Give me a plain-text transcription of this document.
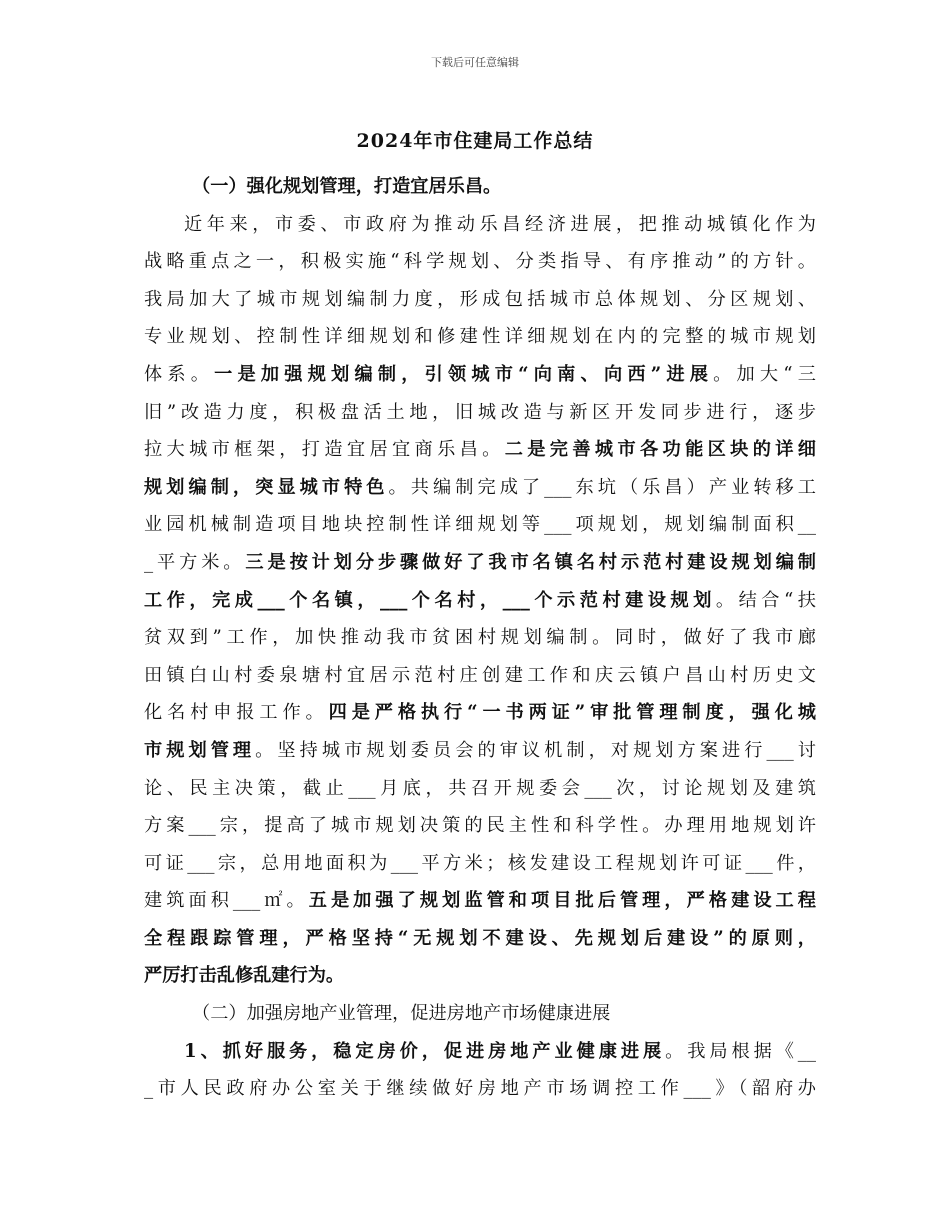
下载后可任意编辑
2024年市住建局工作总结
（一）强化规划管理，打造宜居乐昌。
近年来，市委、市政府为推动乐昌经济进展，把推动城镇化作为
战略重点之一，积极实施“科学规划、分类指导、有序推动”的方针。
我局加大了城市规划编制力度，形成包括城市总体规划、分区规划、
专业规划、控制性详细规划和修建性详细规划在内的完整的城市规划
体系。一是加强规划编制，引领城市“向南、向西”进展。加大“三
旧”改造力度，积极盘活土地，旧城改造与新区开发同步进行，逐步
拉大城市框架，打造宜居宜商乐昌。二是完善城市各功能区块的详细
规划编制，突显城市特色。共编制完成了___东坑（乐昌）产业转移工
业园机械制造项目地块控制性详细规划等___项规划，规划编制面积__
_平方米。三是按计划分步骤做好了我市名镇名村示范村建设规划编制
工作，完成___个名镇，___个名村，___个示范村建设规划。结合“扶
贫双到”工作，加快推动我市贫困村规划编制。同时，做好了我市廊
田镇白山村委泉塘村宜居示范村庄创建工作和庆云镇户昌山村历史文
化名村申报工作。四是严格执行“一书两证”审批管理制度，强化城
市规划管理。坚持城市规划委员会的审议机制，对规划方案进行___讨
论、民主决策，截止___月底，共召开规委会___次，讨论规划及建筑
方案___宗，提高了城市规划决策的民主性和科学性。办理用地规划许
可证___宗，总用地面积为___平方米；核发建设工程规划许可证___件，
建筑面积___㎡。五是加强了规划监管和项目批后管理，严格建设工程
全程跟踪管理，严格坚持“无规划不建设、先规划后建设”的原则，
严厉打击乱修乱建行为。
（二）加强房地产业管理，促进房地产市场健康进展
1、抓好服务，稳定房价，促进房地产业健康进展。我局根据《__
_市人民政府办公室关于继续做好房地产市场调控工作___》（韶府办
